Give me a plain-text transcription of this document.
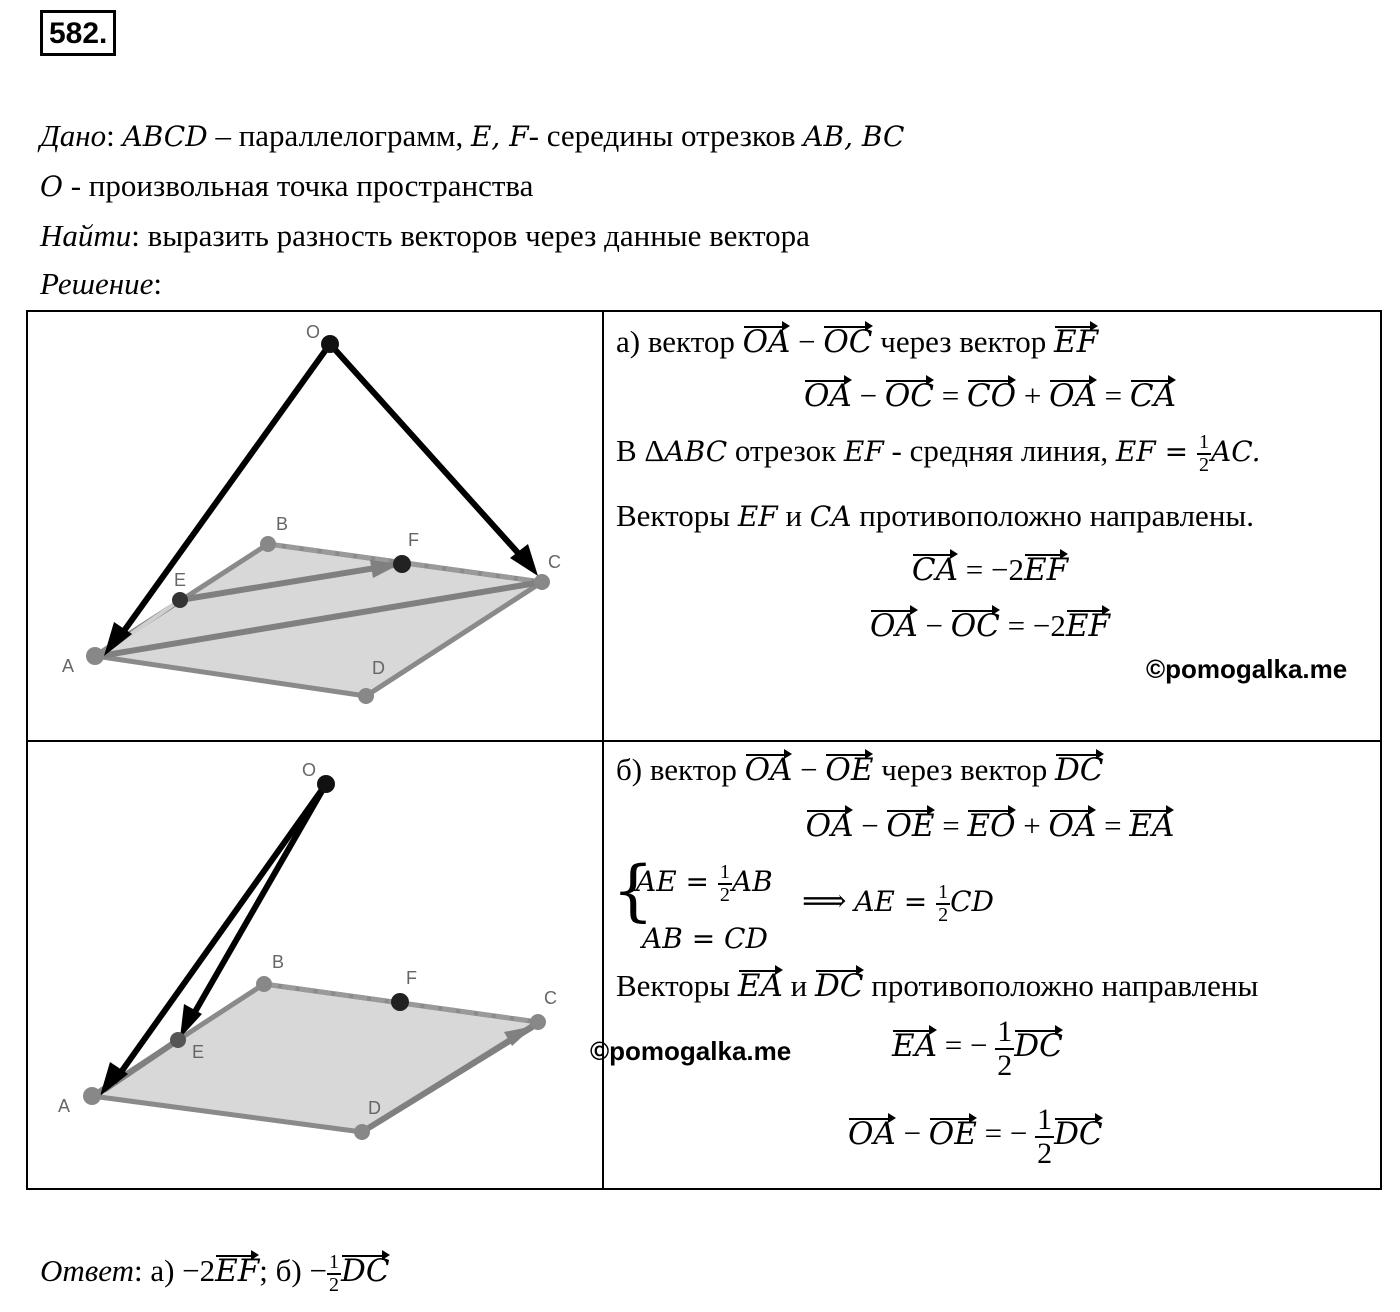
582.
Дано: ABCD – параллелограмм, E, F- середины отрезков AB, BC
O - произвольная точка пространства
Найти: выразить разность векторов через данные вектора
Решение:
O
A
B
C
D
E
F
O
A
B
C
D
E
F
а) вектор OA − OC через вектор EF
OA − OC = CO + OA = CA
В ΔABC отрезок EF - средняя линия, EF = $\frac{1}{2}$ AC.
Векторы EF и CA противоположно направлены.
CA = −2EF
OA − OC = −2EF
©pomogalka.me
б) вектор OA − OE через вектор DC
OA − OE = EO + OA = EA
{
AE = $\frac{1}{2}$ AB
AB = CD
⟹ AE = $\frac{1}{2}$ CD
Векторы EA и DC противоположно направлены
©pomogalka.me	EA = − $\frac{1}{2}$ DC
OA − OE = − $\frac{1}{2}$ DC
Ответ: а) −2EF; $б) - \frac{1}{2}$ DC
